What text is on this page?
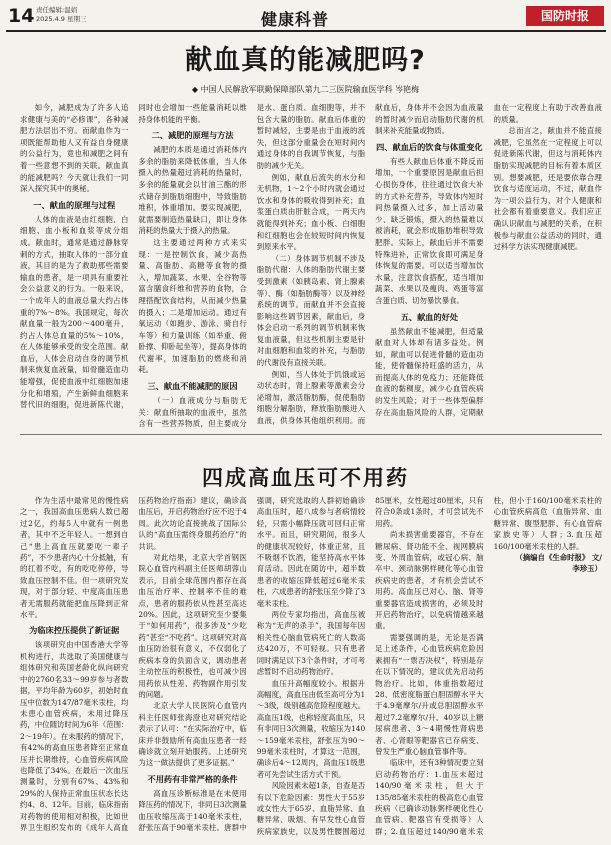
14 责任编辑:温娟
2025.4.9 星期三	健康科普	国防时报
献血真的能减肥吗?
◆ 中国人民解放军联勤保障部队第九二三医院输血医学科 岑艳梅

如今，减肥成为了许多人追求健康与美的“必修课”，各种减肥方法层出不穷。而献血作为一项既能帮助他人又有益自身健康的公益行为，竟也和减肥之间有着一些意想不到的关联。献血真的能减肥吗？今天就让我们一同深入探究其中的奥秘。

一、献血的原理与过程

人体的血液是由红细胞、白细胞、血小板和血浆等成分组成。献血时，通常是通过静脉穿刺的方式，抽取人体的一部分血液，其目的是为了救助那些需要输血的患者，是一项具有重要社会公益意义的行为。一般来说，一个成年人的血液总量大约占体重的7%～8%。我国规定，每次献血量一般为200～400毫升，约占人体总血量的5%～10%，在人体能够承受的安全范围。献血后，人体会启动自身的调节机制来恢复血液量，如骨髓造血功能增强，促使血液中红细胞加速分化和增殖，产生新鲜血细胞来替代旧的细胞，促进新陈代谢，同时也会增加一些能量消耗以维持身体机能的平衡。

二、减肥的原理与方法

减肥的本质是通过消耗体内多余的脂肪来降低体重，当人体摄入的热量超过消耗的热量时，多余的能量就会以甘油三酯的形式储存到脂肪细胞中，导致脂肪堆积，体重增加。要实现减肥，就需要制造热量缺口，即让身体消耗的热量大于摄入的热量。

这主要通过两种方式来实现：一是控制饮食，减少高热量、高脂肪、高糖等食物的摄入，增加蔬菜、水果、全谷物等富含膳食纤维和营养的食物，合理搭配饮食结构，从而减少热量的摄入；二是增加运动。通过有氧运动（如跑步、游泳、骑自行车等）和力量训练（如举重、俯卧撑、仰卧起坐等），提高身体的代谢率，加速脂肪的燃烧和消耗。

三、献血不能减肥的原因

（一）血液成分与脂肪无关：献血所抽取的血液中，虽然含有一些营养物质，但主要成分是水、蛋白质、血细胞等，并不包含大量的脂肪。献血后体重的暂时减轻，主要是由于血液的流失，但这部分重量会在短时间内通过身体的自我调节恢复，与脂肪的减少无关。

例如，献血后流失的水分和无机物，1～2个小时内就会通过饮水和身体的吸收得到补充；血浆蛋白质由肝脏合成，一两天内就能得到补充；血小板、白细胞和红细胞也会在较短时间内恢复到原来水平。

（二）身体调节机制不涉及脂肪代谢：人体的脂肪代谢主要受到激素（如胰岛素、肾上腺素等）、酶（如脂肪酶等）以及神经系统的调节。而献血并不会直接影响这些调节因素，献血后，身体会启动一系列的调节机制来恢复血液量，但这些机制主要是针对血细胞和血浆的补充，与脂肪的代谢没有直接关联。

例如，当人体处于饥饿或运动状态时，肾上腺素等激素会分泌增加，激活脂肪酶，促使脂肪细胞分解脂肪，释放脂肪酸进入血液，供身体其他组织利用。而献血后，身体并不会因为血液量的暂时减少而启动脂肪代谢的机制来补充能量或物质。

四、献血后的饮食与体重变化

有些人献血后体重不降反而增加，一个重要原因是献血后担心损伤身体，往往通过饮食大补的方式补充营养，导致体内短时间热量摄入过多，加上活动量少、缺乏锻炼，摄入的热量难以被消耗，就会形成脂肪堆积导致肥胖。实际上，献血后并不需要特殊进补，正常饮食即可满足身体恢复的需要。可以适当增加饮水量，注意饮食搭配，适当增加蔬菜、水果以及瘦肉、鸡蛋等富含蛋白质、切勿暴饮暴食。

五、献血的好处

虽然献血不能减肥，但适量献血对人体却有诸多益处。例如，献血可以促进骨髓的造血功能，使骨髓保持旺盛的活力，从而提高人体的免疫力；还能降低血液的黏稠度，减少心血管疾病的发生风险；对于一些体型偏胖存在高血脂风险的人群，定期献血在一定程度上有助于改善血液的质量。

总而言之，献血并不能直接减肥，它虽然在一定程度上可以促进新陈代谢，但这与消耗体内脂肪实现减肥的目标有着本质区别。想要减肥，还是要依靠合理饮食与适度运动，不过，献血作为一项公益行为，对个人健康和社会都有着重要意义。我们应正确认识献血与减肥的关系，在积极参与献血公益活动的同时，通过科学方法实现健康减肥。

四成高血压可不用药

作为生活中最常见的慢性病之一，我国高血压患病人数已超过2亿，约每5人中就有一例患者，其中不乏年轻人。一想到自己“患上高血压就要吃一辈子药”，不少患者内心十分抵触，有的扛着不吃，有的吃吃停停，导致血压控制不佳。但一项研究发现，对于部分轻、中度高血压患者无需服药就能把血压降到正常水平。

为临床控压提供了新证据

该项研究由中国香港大学等机构进行，共选取了美国健康与组体研究和英国老龄化纵向研究中的2760名33～99岁参与者数据，平均年龄为60岁，初始时血压中位数为147/87毫米汞柱，均未患心血管疾病，未用过降压药，中位随访时间为6年（范围：2～19年）。在未服药的情况下，有42%的高血压患者降至正常血压并长期维持，心血管疾病风险也降低了34%。在最后一次血压测量时，分别有67%、43%和29%的人保持正常血压状态长达约4、8、12年。目前，临床指南对药物的使用相对积极，比如世界卫生组织发布的《成年人高血压药物治疗指南》建议，确诊高血压后，开启药物治疗应不迟于4周。此次坊论直接挑战了国际公认的“高血压需终身服药治疗”的共识。

对此结果，北京大学首钢医院心血管内科副主任医师胡蓉山表示，目前全球范围内都存在高血压治疗率、控制率不佳的难点，患者的服药依从性甚至高达20%。因此，这项研究至少要集于“如何用药”，很多涉及“少吃药”甚至“不吃药”。这项研究对高血压防治很有意义，不仅弱化了疾病本身的负面含义，调动患者主动控压的积极性，也可减少因用药依从性差、药物副作用引发的问题。

北京大学人民医院心血管内科主任医师张海澄也对研究结论表示了认可：“在实际治疗中，临床并非鼓励所有高血压患者一经确诊就立刻开始服药。上述研究为这一做法提供了更多证据。”

不用药有非常严格的条件

高血压诊断标准是在未使用降压药的情况下，非同日3次测量血压收缩压高于140毫米汞柱，舒张压高于90毫米汞柱。唐群中强调，研究选取的人群初始确诊高血压时，超八成参与者病情较轻，只需小幅降压就可回归正常水平。而且，研究期间，很多人的健康状况较好，体重正常，且不吸烟不饮酒，能坚持高水平体育活动。因此在随访中，超半数患者的收缩压降低超过6毫米汞柱，六成患者的舒张压至少降了3毫米汞柱。

两位专家均指出，高血压被称为“无声的杀手”，我国每年因相关性心脑血管病死亡的人数高达420万，不可轻视。只有患者同时满足以下3个条件时，才可考虑暂时不启动药物治疗。

血压升高幅度较小。根据升高幅度，高血压由低至高可分为1～3级，级别越高危险程度越大。高血压1级，也称轻度高血压，只有非同日3次测量，收缩压为140～159毫米汞柱，舒张压为90～99毫米汞柱时，才算这一范围，确诊后4～12周内，高血压1级患者可先尝试生活方式干预。

风险因素未超1条，自查是否有以下危险因素：男性大于55岁或女性大于65岁、血脂异常、血糖异常、吸烟、有早发性心血管疾病家族史，以及男性腰围超过85厘米，女性超过80厘米，只有符合0条或1条时，才可尝试先不用药。

尚未损害重要器官，不存在糖尿病、肾功能不全、视网膜病变、外周血管病，或冠心病、脑卒中、颈动脉粥样硬化等心血管疾病史的患者，才有机会尝试不用药。高血压已对心、脑、肾等重要器官造成损害的，必须及时开启药物治疗，以免病情越来越重。

需要强调的是，无论是否满足上述条件，心血管疾病危险因素拥有“一票否决权”，特别是存在以下情况的，建议优先启动药物治疗。比如，体重指数超过28、低密度脂蛋白胆固醇水平大于4.9毫摩尔/升或总胆固醇水平超过7.2毫摩尔/升、40岁以上糖尿病患者、3～4期慢性肾病患者、心肾眼等靶器官已存病变、曾发生严重心脑血管事件等。

临床中，还有3种情况要立刻启动药物治疗：1.血压未超过140/90毫米汞柱，但大于135/85毫米汞柱的极高危心血管疾病（已确诊动脉粥样硬化性心血管病、靶器官有受损等）人群；2.血压超过140/90毫米汞柱，但小于160/100毫米汞柱的心血管疾病高危（血脂异常、血糖异常、腹型肥胖、有心血管病家族史等）人群；3.血压超160/100毫米汞柱的人群。

（摘编自《生命时报》 文/李珍玉）
